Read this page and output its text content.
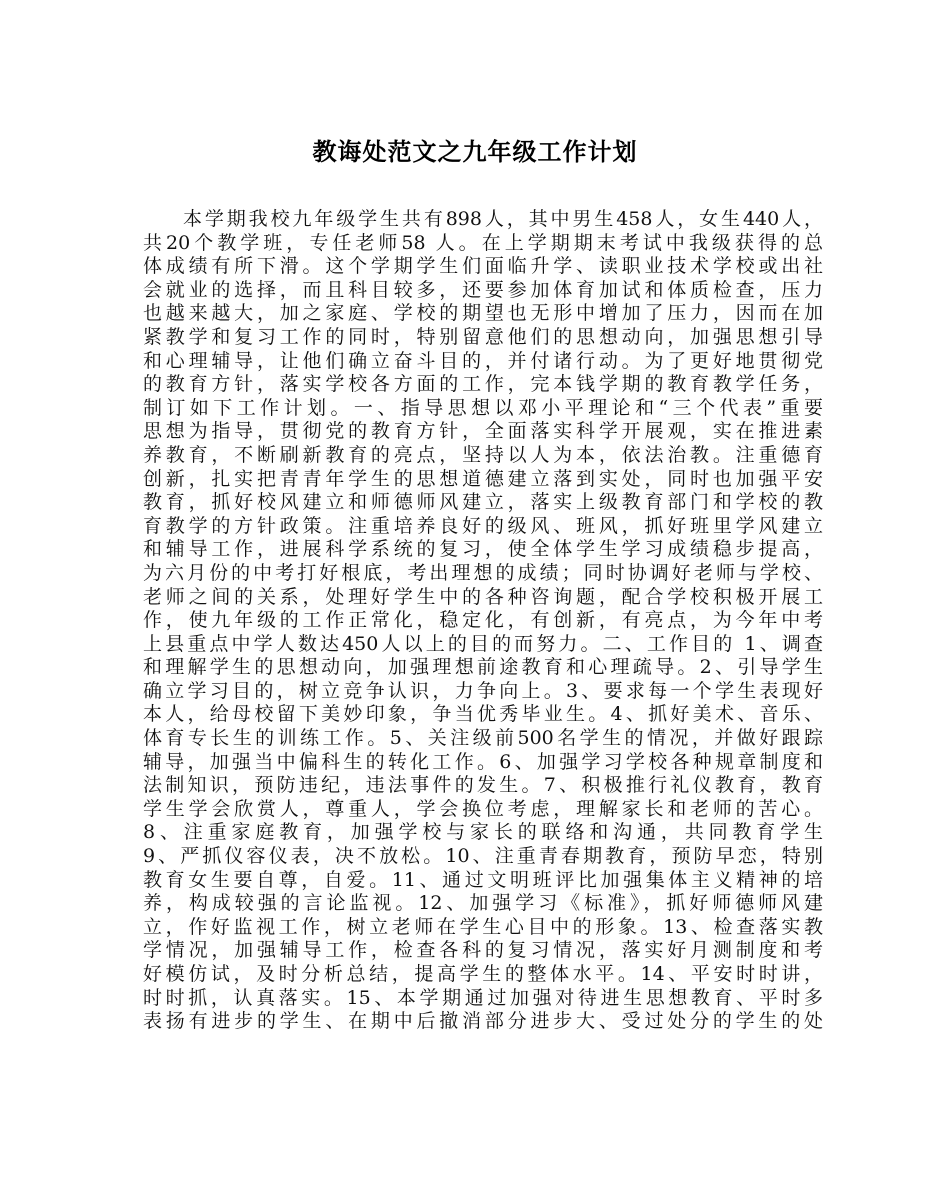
教诲处范文之九年级工作计划
本学期我校九年级学生共有898人，其中男生458人，女生440人，
共20个教学班，专任老师58 人。在上学期期末考试中我级获得的总
体成绩有所下滑。这个学期学生们面临升学、读职业技术学校或出社
会就业的选择，而且科目较多，还要参加体育加试和体质检查，压力
也越来越大，加之家庭、学校的期望也无形中增加了压力，因而在加
紧教学和复习工作的同时，特别留意他们的思想动向，加强思想引导
和心理辅导，让他们确立奋斗目的，并付诸行动。为了更好地贯彻党
的教育方针，落实学校各方面的工作，完本钱学期的教育教学任务，
制订如下工作计划。一、指导思想以邓小平理论和“三个代表”重要
思想为指导，贯彻党的教育方针，全面落实科学开展观，实在推进素
养教育，不断刷新教育的亮点，坚持以人为本，依法治教。注重德育
创新，扎实把青青年学生的思想道德建立落到实处，同时也加强平安
教育，抓好校风建立和师德师风建立，落实上级教育部门和学校的教
育教学的方针政策。注重培养良好的级风、班风，抓好班里学风建立
和辅导工作，进展科学系统的复习，使全体学生学习成绩稳步提高，
为六月份的中考打好根底，考出理想的成绩；同时协调好老师与学校、
老师之间的关系，处理好学生中的各种咨询题，配合学校积极开展工
作，使九年级的工作正常化，稳定化，有创新，有亮点，为今年中考
上县重点中学人数达450人以上的目的而努力。二、工作目的 1、调查
和理解学生的思想动向，加强理想前途教育和心理疏导。2、引导学生
确立学习目的，树立竞争认识，力争向上。3、要求每一个学生表现好
本人，给母校留下美妙印象，争当优秀毕业生。4、抓好美术、音乐、
体育专长生的训练工作。5、关注级前500名学生的情况，并做好跟踪
辅导，加强当中偏科生的转化工作。6、加强学习学校各种规章制度和
法制知识，预防违纪，违法事件的发生。7、积极推行礼仪教育，教育
学生学会欣赏人，尊重人，学会换位考虑，理解家长和老师的苦心。
8、注重家庭教育，加强学校与家长的联络和沟通，共同教育学生
9、严抓仪容仪表，决不放松。10、注重青春期教育，预防早恋，特别
教育女生要自尊，自爱。11、通过文明班评比加强集体主义精神的培
养，构成较强的言论监视。12、加强学习《标准》，抓好师德师风建
立，作好监视工作，树立老师在学生心目中的形象。13、检查落实教
学情况，加强辅导工作，检查各科的复习情况，落实好月测制度和考
好模仿试，及时分析总结，提高学生的整体水平。14、平安时时讲，
时时抓，认真落实。15、本学期通过加强对待进生思想教育、平时多
表扬有进步的学生、在期中后撤消部分进步大、受过处分的学生的处
